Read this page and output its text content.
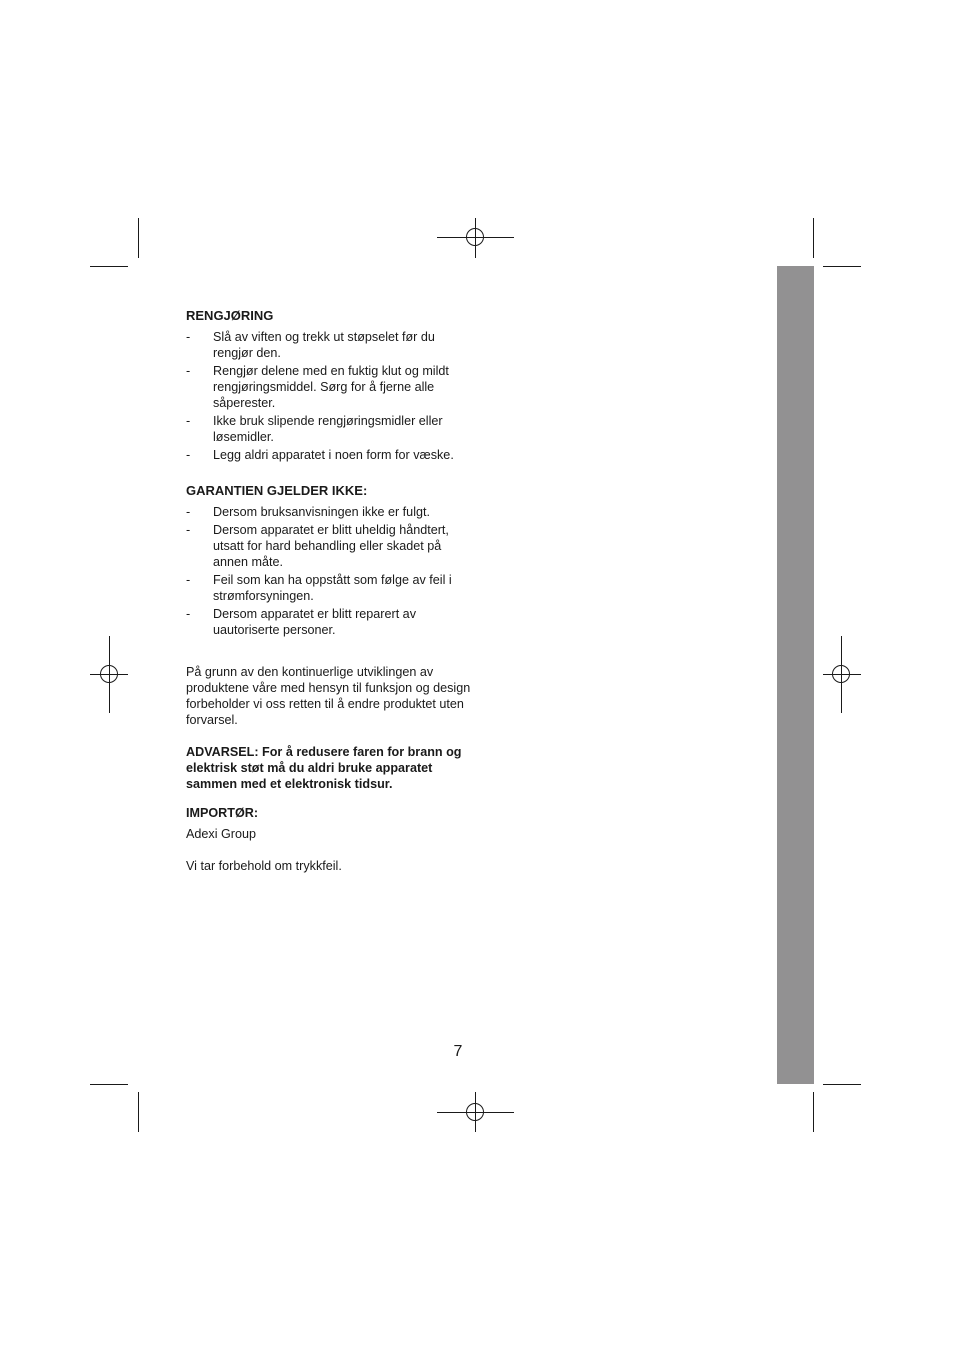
RENGJØRING
- Slå av viften og trekk ut støpselet før du rengjør den.
- Rengjør delene med en fuktig klut og mildt rengjøringsmiddel. Sørg for å fjerne alle såperester.
- Ikke bruk slipende rengjøringsmidler eller løsemidler.
- Legg aldri apparatet i noen form for væske.
GARANTIEN GJELDER IKKE:
- Dersom bruksanvisningen ikke er fulgt.
- Dersom apparatet er blitt uheldig håndtert, utsatt for hard behandling eller skadet på annen måte.
- Feil som kan ha oppstått som følge av feil i strømforsyningen.
- Dersom apparatet er blitt reparert av uautoriserte personer.

På grunn av den kontinuerlige utviklingen av produktene våre med hensyn til funksjon og design forbeholder vi oss retten til å endre produktet uten forvarsel.

ADVARSEL: For å redusere faren for brann og elektrisk støt må du aldri bruke apparatet sammen med et elektronisk tidsur.

IMPORTØR:

Adexi Group

Vi tar forbehold om trykkfeil.

7
